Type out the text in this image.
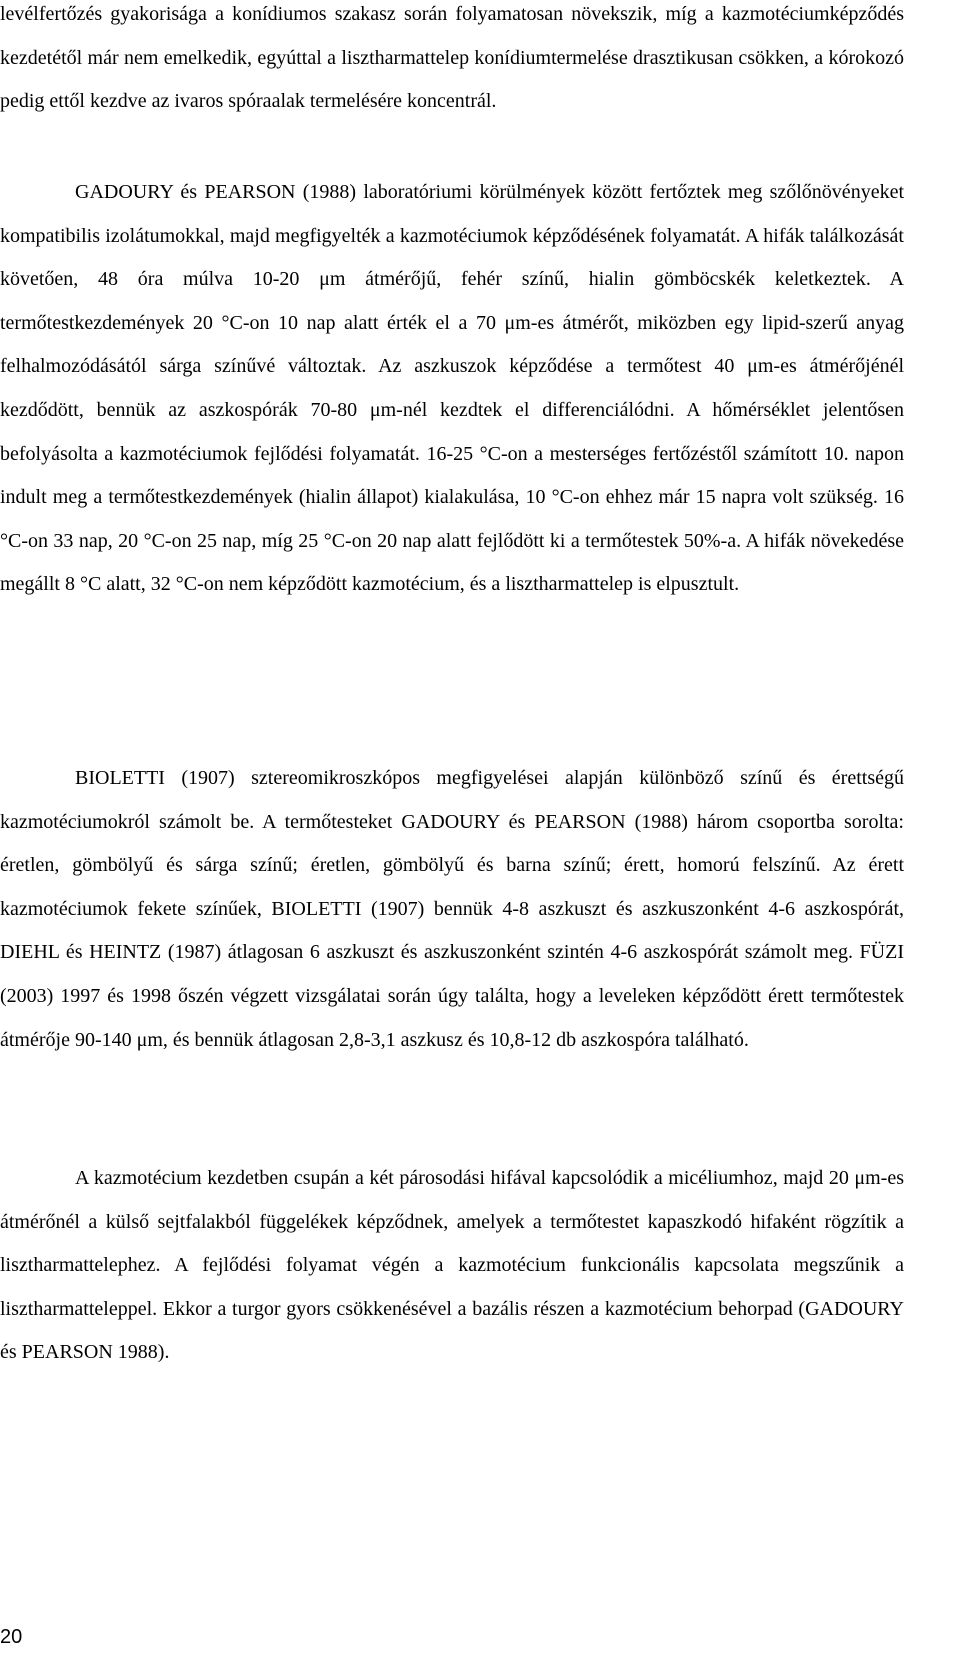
levélfertőzés gyakorisága a konídiumos szakasz során folyamatosan növekszik, míg a kazmotéciumképződés kezdetétől már nem emelkedik, egyúttal a lisztharmattelep konídiumtermelése drasztikusan csökken, a kórokozó pedig ettől kezdve az ivaros spóraalak termelésére koncentrál.

GADOURY és PEARSON (1988) laboratóriumi körülmények között fertőztek meg szőlőnövényeket kompatibilis izolátumokkal, majd megfigyelték a kazmotéciumok képződésének folyamatát. A hifák találkozását követően, 48 óra múlva 10-20 μm átmérőjű, fehér színű, hialin gömböcskék keletkeztek. A termőtestkezdemények 20 °C-on 10 nap alatt érték el a 70 μm-es átmérőt, miközben egy lipid-szerű anyag felhalmozódásától sárga színűvé változtak. Az aszkuszok képződése a termőtest 40 μm-es átmérőjénél kezdődött, bennük az aszkospórák 70-80 μm-nél kezdtek el differenciálódni. A hőmérséklet jelentősen befolyásolta a kazmotéciumok fejlődési folyamatát. 16-25 °C-on a mesterséges fertőzéstől számított 10. napon indult meg a termőtestkezdemények (hialin állapot) kialakulása, 10 °C-on ehhez már 15 napra volt szükség. 16 °C-on 33 nap, 20 °C-on 25 nap, míg 25 °C-on 20 nap alatt fejlődött ki a termőtestek 50%-a. A hifák növekedése megállt 8 °C alatt, 32 °C-on nem képződött kazmotécium, és a lisztharmattelep is elpusztult.

BIOLETTI (1907) sztereomikroszkópos megfigyelései alapján különböző színű és érettségű kazmotéciumokról számolt be. A termőtesteket GADOURY és PEARSON (1988) három csoportba sorolta: éretlen, gömbölyű és sárga színű; éretlen, gömbölyű és barna színű; érett, homorú felszínű. Az érett kazmotéciumok fekete színűek, BIOLETTI (1907) bennük 4-8 aszkuszt és aszkuszonként 4-6 aszkospórát, DIEHL és HEINTZ (1987) átlagosan 6 aszkuszt és aszkuszonként szintén 4-6 aszkospórát számolt meg. FÜZI (2003) 1997 és 1998 őszén végzett vizsgálatai során úgy találta, hogy a leveleken képződött érett termőtestek átmérője 90-140 μm, és bennük átlagosan 2,8-3,1 aszkusz és 10,8-12 db aszkospóra található.

A kazmotécium kezdetben csupán a két párosodási hifával kapcsolódik a micéliumhoz, majd 20 μm-es átmérőnél a külső sejtfalakból függelékek képződnek, amelyek a termőtestet kapaszkodó hifaként rögzítik a lisztharmattelephez. A fejlődési folyamat végén a kazmotécium funkcionális kapcsolata megszűnik a lisztharmatteleppel. Ekkor a turgor gyors csökkenésével a bazális részen a kazmotécium behorpad (GADOURY és PEARSON 1988).

20
